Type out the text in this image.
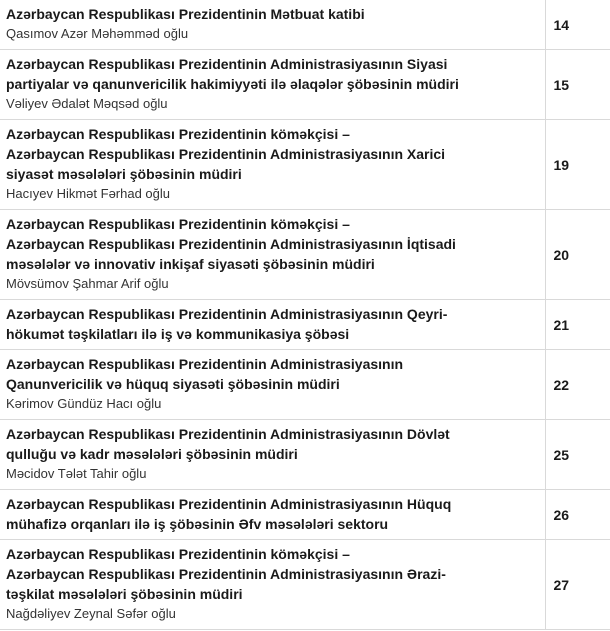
Azərbaycan Respublikası Prezidentinin Mətbuat katibi
Qasımov Azər Məhəmməd oğlu	14

Azərbaycan Respublikası Prezidentinin Administrasiyasının Siyasi
partiyalar və qanunvericilik hakimiyyəti ilə əlaqələr şöbəsinin müdiri
Vəliyev Ədalət Məqsəd oğlu	15

Azərbaycan Respublikası Prezidentinin köməkçisi –
Azərbaycan Respublikası Prezidentinin Administrasiyasının Xarici
siyasət məsələləri şöbəsinin müdiri
Hacıyev Hikmət Fərhad oğlu	19

Azərbaycan Respublikası Prezidentinin köməkçisi –
Azərbaycan Respublikası Prezidentinin Administrasiyasının İqtisadi
məsələlər və innovativ inkişaf siyasəti şöbəsinin müdiri
Mövsümov Şahmar Arif oğlu	20

Azərbaycan Respublikası Prezidentinin Administrasiyasının Qeyri-
hökumət təşkilatları ilə iş və kommunikasiya şöbəsi	21

Azərbaycan Respublikası Prezidentinin Administrasiyasının
Qanunvericilik və hüquq siyasəti şöbəsinin müdiri
Kərimov Gündüz Hacı oğlu	22

Azərbaycan Respublikası Prezidentinin Administrasiyasının Dövlət
qulluğu və kadr məsələləri şöbəsinin müdiri
Məcidov Tələt Tahir oğlu	25

Azərbaycan Respublikası Prezidentinin Administrasiyasının Hüquq
mühafizə orqanları ilə iş şöbəsinin Əfv məsələləri sektoru	26

Azərbaycan Respublikası Prezidentinin köməkçisi –
Azərbaycan Respublikası Prezidentinin Administrasiyasının Ərazi-
təşkilat məsələləri şöbəsinin müdiri
Nağdəliyev Zeynal Səfər oğlu	27
